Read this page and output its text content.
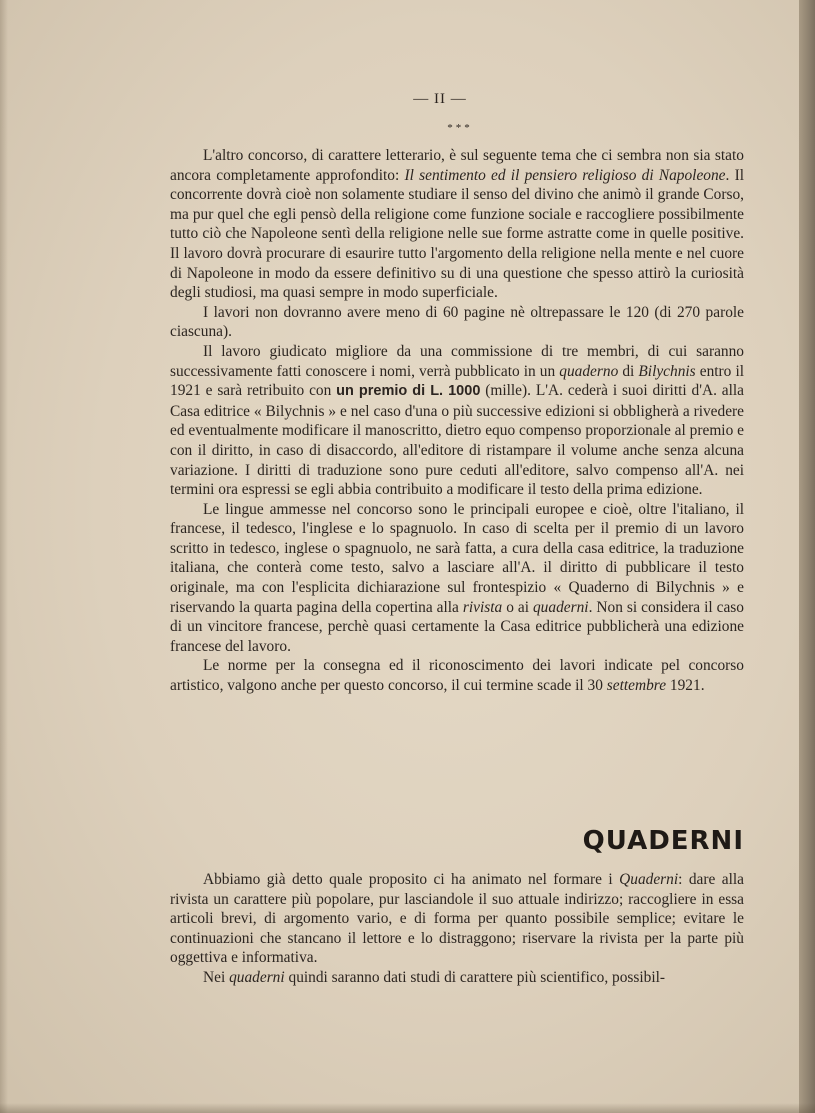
— II —
***

L'altro concorso, di carattere letterario, è sul seguente tema che ci sembra non sia stato ancora completamente approfondito: Il sentimento ed il pensiero religioso di Napoleone. Il concorrente dovrà cioè non solamente studiare il senso del divino che animò il grande Corso, ma pur quel che egli pensò della religione come funzione sociale e raccogliere possibilmente tutto ciò che Napoleone sentì della religione nelle sue forme astratte come in quelle positive. Il lavoro dovrà procurare di esaurire tutto l'argomento della religione nella mente e nel cuore di Napoleone in modo da essere definitivo su di una questione che spesso attirò la curiosità degli studiosi, ma quasi sempre in modo superficiale.

I lavori non dovranno avere meno di 60 pagine nè oltrepassare le 120 (di 270 parole ciascuna).

Il lavoro giudicato migliore da una commissione di tre membri, di cui saranno successivamente fatti conoscere i nomi, verrà pubblicato in un quaderno di Bilychnis entro il 1921 e sarà retribuito con un premio di L. 1000 (mille). L'A. cederà i suoi diritti d'A. alla Casa editrice « Bilychnis » e nel caso d'una o più successive edizioni si obbligherà a rivedere ed eventualmente modificare il manoscritto, dietro equo compenso proporzionale al premio e con il diritto, in caso di disaccordo, all'editore di ristampare il volume anche senza alcuna variazione. I diritti di traduzione sono pure ceduti all'editore, salvo compenso all'A. nei termini ora espressi se egli abbia contribuito a modificare il testo della prima edizione.

Le lingue ammesse nel concorso sono le principali europee e cioè, oltre l'italiano, il francese, il tedesco, l'inglese e lo spagnuolo. In caso di scelta per il premio di un lavoro scritto in tedesco, inglese o spagnuolo, ne sarà fatta, a cura della casa editrice, la traduzione italiana, che conterà come testo, salvo a lasciare all'A. il diritto di pubblicare il testo originale, ma con l'esplicita dichiarazione sul frontespizio « Quaderno di Bilychnis » e riservando la quarta pagina della copertina alla rivista o ai quaderni. Non si considera il caso di un vincitore francese, perchè quasi certamente la Casa editrice pubblicherà una edizione francese del lavoro.

Le norme per la consegna ed il riconoscimento dei lavori indicate pel concorso artistico, valgono anche per questo concorso, il cui termine scade il 30 settembre 1921.

QUADERNI

Abbiamo già detto quale proposito ci ha animato nel formare i Quaderni: dare alla rivista un carattere più popolare, pur lasciandole il suo attuale indirizzo; raccogliere in essa articoli brevi, di argomento vario, e di forma per quanto possibile semplice; evitare le continuazioni che stancano il lettore e lo distraggono; riservare la rivista per la parte più oggettiva e informativa.

Nei quaderni quindi saranno dati studi di carattere più scientifico, possibil-
